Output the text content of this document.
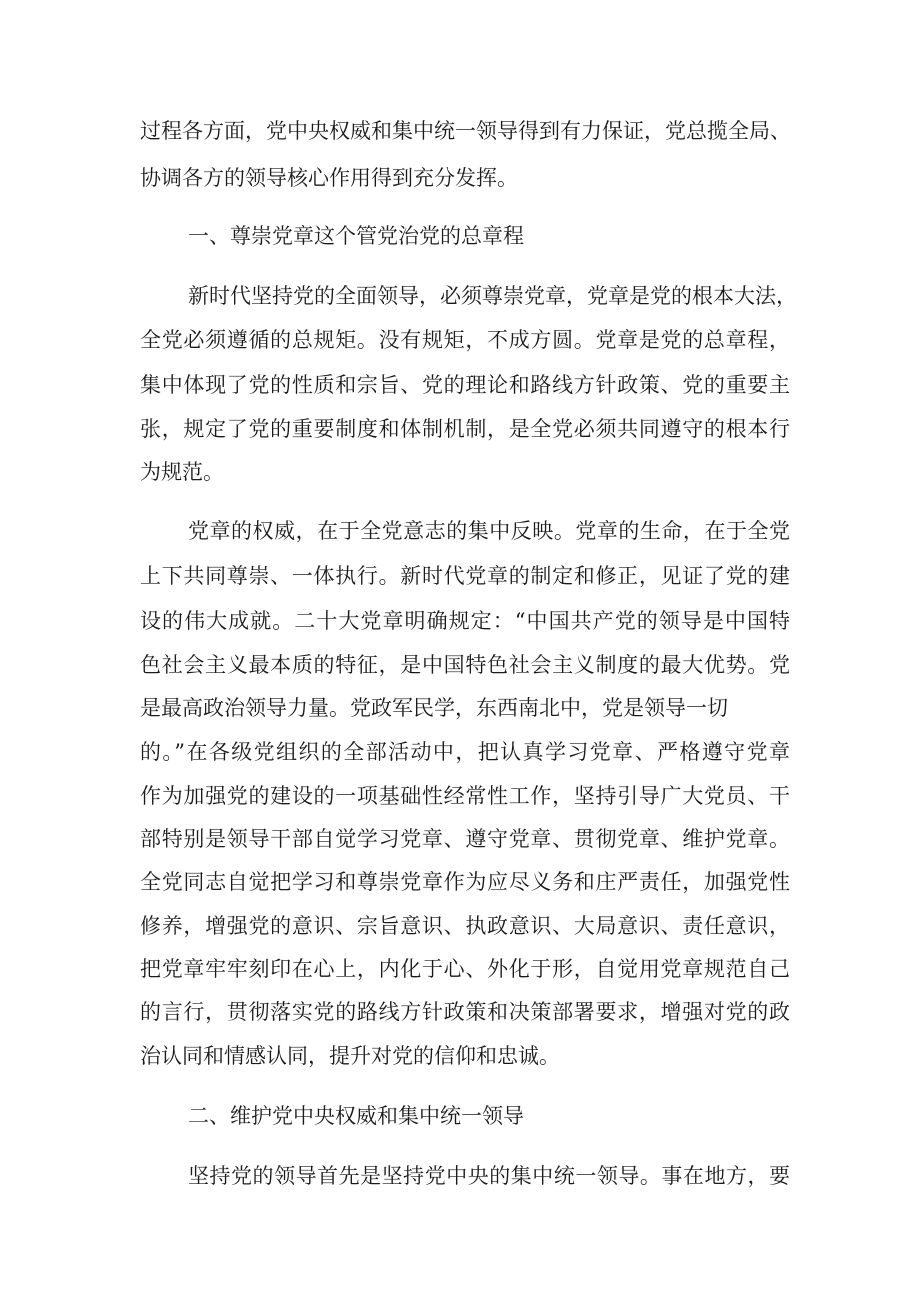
过程各方面，党中央权威和集中统一领导得到有力保证，党总揽全局、
协调各方的领导核心作用得到充分发挥。
一、尊崇党章这个管党治党的总章程
新时代坚持党的全面领导，必须尊崇党章，党章是党的根本大法，
全党必须遵循的总规矩。没有规矩，不成方圆。党章是党的总章程，
集中体现了党的性质和宗旨、党的理论和路线方针政策、党的重要主
张，规定了党的重要制度和体制机制，是全党必须共同遵守的根本行
为规范。
党章的权威，在于全党意志的集中反映。党章的生命，在于全党
上下共同尊崇、一体执行。新时代党章的制定和修正，见证了党的建
设的伟大成就。二十大党章明确规定：“中国共产党的领导是中国特
色社会主义最本质的特征，是中国特色社会主义制度的最大优势。党
是最高政治领导力量。党政军民学，东西南北中，党是领导一切
的。”在各级党组织的全部活动中，把认真学习党章、严格遵守党章
作为加强党的建设的一项基础性经常性工作，坚持引导广大党员、干
部特别是领导干部自觉学习党章、遵守党章、贯彻党章、维护党章。
全党同志自觉把学习和尊崇党章作为应尽义务和庄严责任，加强党性
修养，增强党的意识、宗旨意识、执政意识、大局意识、责任意识，
把党章牢牢刻印在心上，内化于心、外化于形，自觉用党章规范自己
的言行，贯彻落实党的路线方针政策和决策部署要求，增强对党的政
治认同和情感认同，提升对党的信仰和忠诚。
二、维护党中央权威和集中统一领导
坚持党的领导首先是坚持党中央的集中统一领导。事在地方，要
